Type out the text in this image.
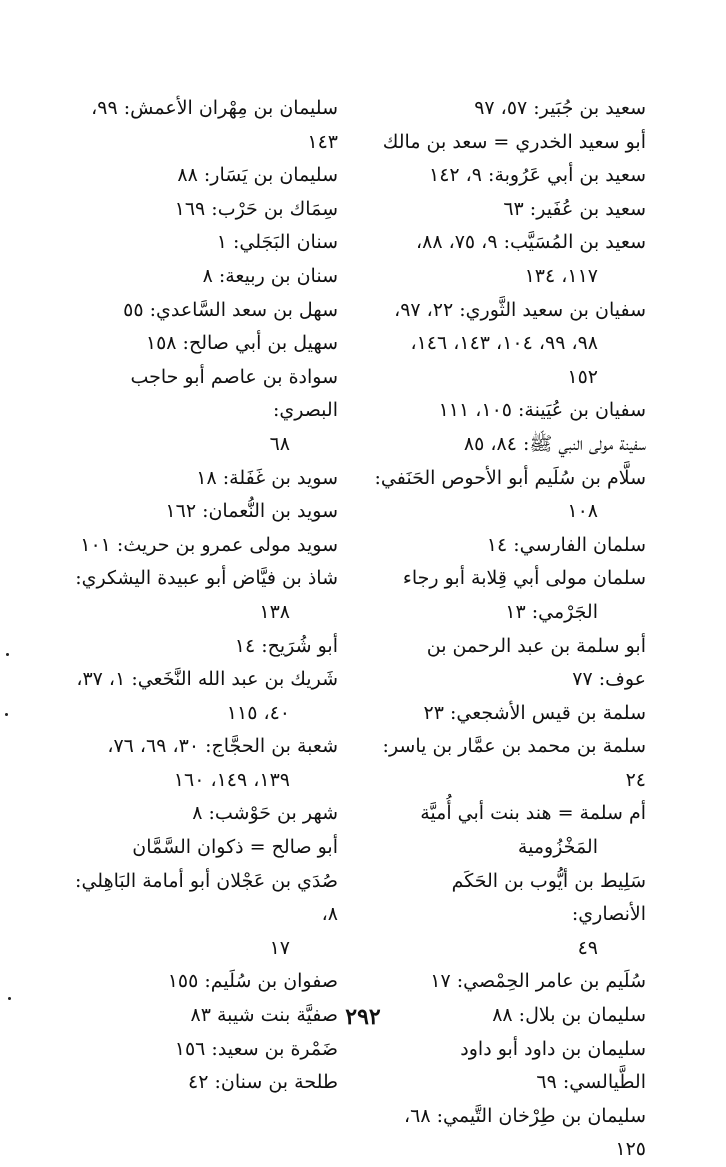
سعيد بن جُبَير: ٥٧، ٩٧
أبو سعيد الخدري = سعد بن مالك
سعيد بن أبي عَرُوبة: ٩، ١٤٢
سعيد بن عُفَير: ٦٣
سعيد بن المُسَيَّب: ٩، ٧٥، ٨٨،
١١٧، ١٣٤
سفيان بن سعيد الثَّوري: ٢٢، ٩٧،
٩٨، ٩٩، ١٠٤، ١٤٣، ١٤٦،
١٥٢
سفيان بن عُيَينة: ١٠٥، ١١١
سفينة مولى النبي ﷺ: ٨٤، ٨٥
سلَّام بن سُلَيم أبو الأحوص الحَنَفي:
١٠٨
سلمان الفارسي: ١٤
سلمان مولى أبي قِلابة أبو رجاء
الجَرْمي: ١٣
أبو سلمة بن عبد الرحمن بن عوف: ٧٧
سلمة بن قيس الأشجعي: ٢٣
سلمة بن محمد بن عمَّار بن ياسر: ٢٤
أم سلمة = هند بنت أبي أُميَّة
المَخْزُومية
سَلِيط بن أيُّوب بن الحَكَم الأنصاري:
٤٩
سُلَيم بن عامر الحِمْصي: ١٧
سليمان بن بلال: ٨٨
سليمان بن داود أبو داود الطَّيالسي: ٦٩
سليمان بن طِرْخان التَّيمي: ٦٨، ١٢٥
سليمان بن مِهْران الأعمش: ٩٩، ١٤٣
سليمان بن يَسَار: ٨٨
سِمَاك بن حَرْب: ١٦٩
سنان البَجَلي: ١
سنان بن ربيعة: ٨
سهل بن سعد السَّاعدي: ٥٥
سهيل بن أبي صالح: ١٥٨
سوادة بن عاصم أبو حاجب البصري:
٦٨
سويد بن غَفَلة: ١٨
سويد بن النُّعمان: ١٦٢
سويد مولى عمرو بن حريث: ١٠١
شاذ بن فيَّاض أبو عبيدة اليشكري:
١٣٨
أبو شُرَيح: ١٤
شَريك بن عبد الله النَّخَعي: ١، ٣٧،
٤٠، ١١٥
شعبة بن الحجَّاج: ٣٠، ٦٩، ٧٦،
١٣٩، ١٤٩، ١٦٠
شهر بن حَوْشب: ٨
أبو صالح = ذكوان السَّمَّان
صُدَي بن عَجْلان أبو أمامة البَاهِلي: ٨،
١٧
صفوان بن سُلَيم: ١٥٥
صفيَّة بنت شيبة ٨٣
ضَمْرة بن سعيد: ١٥٦
طلحة بن سنان: ٤٢
٢٩٢
